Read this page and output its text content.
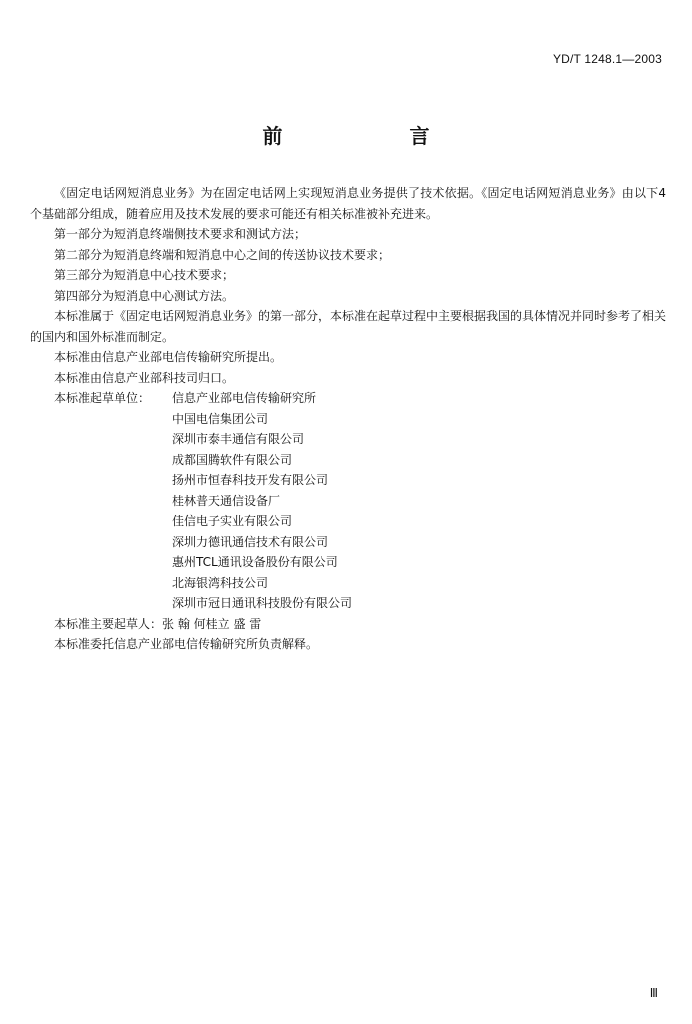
YD/T 1248.1—2003
前 言

《固定电话网短消息业务》为在固定电话网上实现短消息业务提供了技术依据。《固定电话网短消息业务》由以下4个基础部分组成，随着应用及技术发展的要求可能还有相关标准被补充进来。

第一部分为短消息终端侧技术要求和测试方法；

第二部分为短消息终端和短消息中心之间的传送协议技术要求；

第三部分为短消息中心技术要求；

第四部分为短消息中心测试方法。

本标准属于《固定电话网短消息业务》的第一部分，本标准在起草过程中主要根据我国的具体情况并同时参考了相关的国内和国外标准而制定。

本标准由信息产业部电信传输研究所提出。

本标准由信息产业部科技司归口。

本标准起草单位：	信息产业部电信传输研究所
中国电信集团公司
深圳市泰丰通信有限公司
成都国腾软件有限公司
扬州市恒春科技开发有限公司
桂林普天通信设备厂
佳信电子实业有限公司
深圳力德讯通信技术有限公司
惠州TCL通讯设备股份有限公司
北海银湾科技公司
深圳市冠日通讯科技股份有限公司

本标准主要起草人：张 翰 何桂立 盛 雷

本标准委托信息产业部电信传输研究所负责解释。

Ⅲ
